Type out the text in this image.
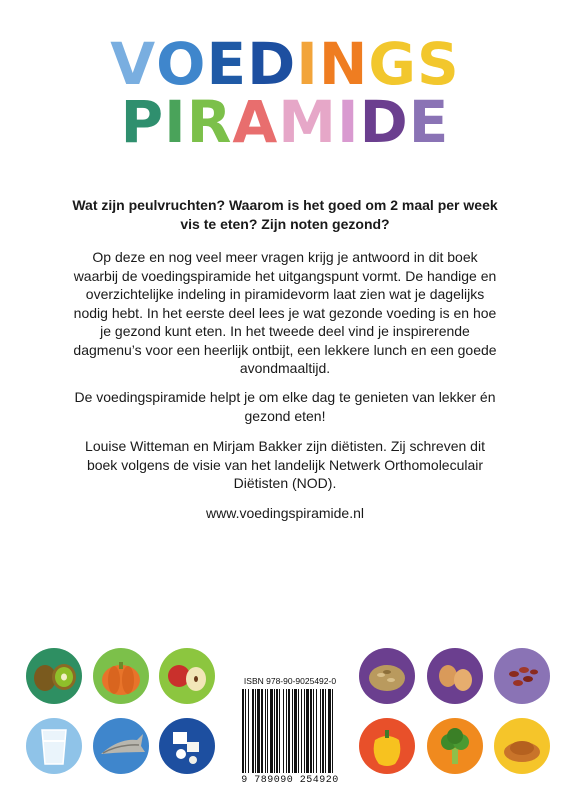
VOEDINGS
PIRAMIDE
Wat zijn peulvruchten? Waarom is het goed om 2 maal per week vis te eten? Zijn noten gezond?
Op deze en nog veel meer vragen krijg je antwoord in dit boek waarbij de voedingspiramide het uitgangspunt vormt. De handige en overzichtelijke indeling in piramidevorm laat zien wat je dagelijks nodig hebt. In het eerste deel lees je wat gezonde voeding is en hoe je gezond kunt eten. In het tweede deel vind je inspirerende dagmenu’s voor een heerlijk ontbijt, een lekkere lunch en een goede avondmaaltijd.
De voedingspiramide helpt je om elke dag te genieten van lekker én gezond eten!
Louise Witteman en Mirjam Bakker zijn diëtisten. Zij schreven dit boek volgens de visie van het landelijk Netwerk Orthomoleculair Diëtisten (NOD).
www.voedingspiramide.nl
ISBN 978-90-9025492-0
9 789090 254920
